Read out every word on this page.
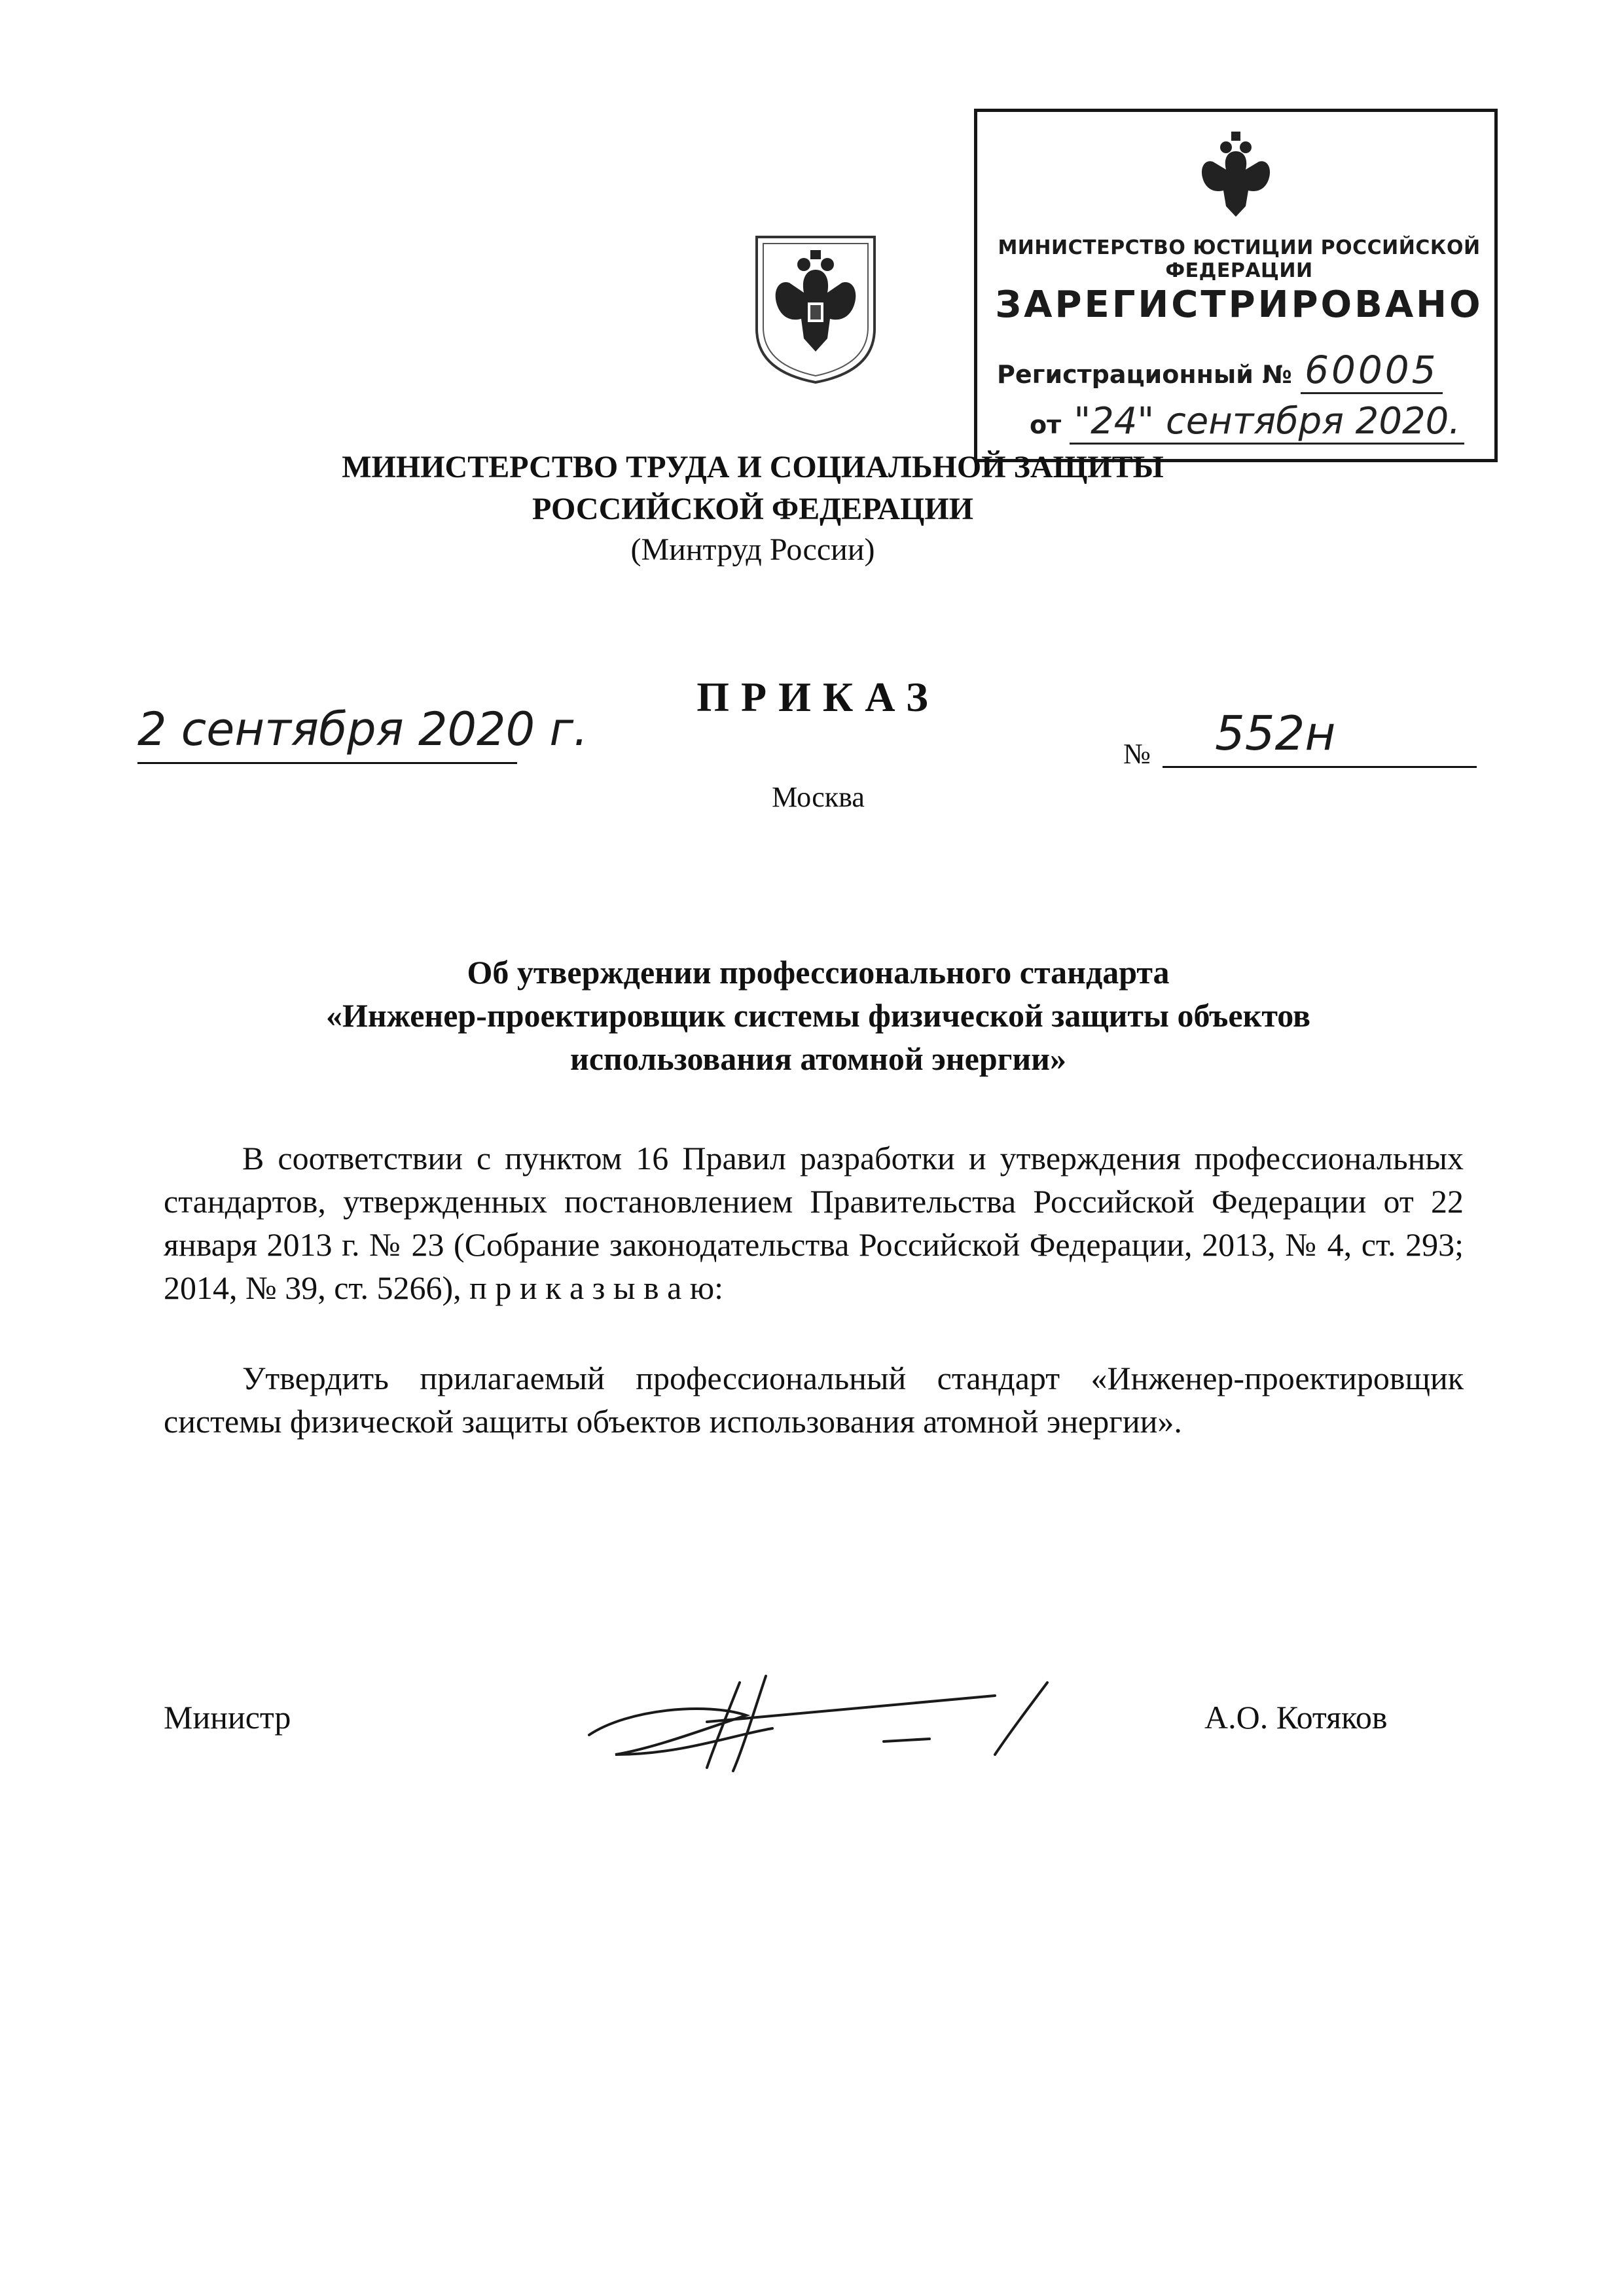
МИНИСТЕРСТВО ЮСТИЦИИ РОССИЙСКОЙ ФЕДЕРАЦИИ
ЗАРЕГИСТРИРОВАНО
Регистрационный № 60005
от "24" сентября 2020.
МИНИСТЕРСТВО ТРУДА И СОЦИАЛЬНОЙ ЗАЩИТЫ
РОССИЙСКОЙ ФЕДЕРАЦИИ
(Минтруд России)
ПРИКАЗ
2 сентября 2020 г.	№	552н
Москва
Об утверждении профессионального стандарта
«Инженер-проектировщик системы физической защиты объектов
использования атомной энергии»
В соответствии с пунктом 16 Правил разработки и утверждения профессиональных стандартов, утвержденных постановлением Правительства Российской Федерации от 22 января 2013 г. № 23 (Собрание законодательства Российской Федерации, 2013, № 4, ст. 293; 2014, № 39, ст. 5266), п р и к а з ы в а ю:
Утвердить прилагаемый профессиональный стандарт «Инженер-проектировщик системы физической защиты объектов использования атомной энергии».
Министр	А.О. Котяков
